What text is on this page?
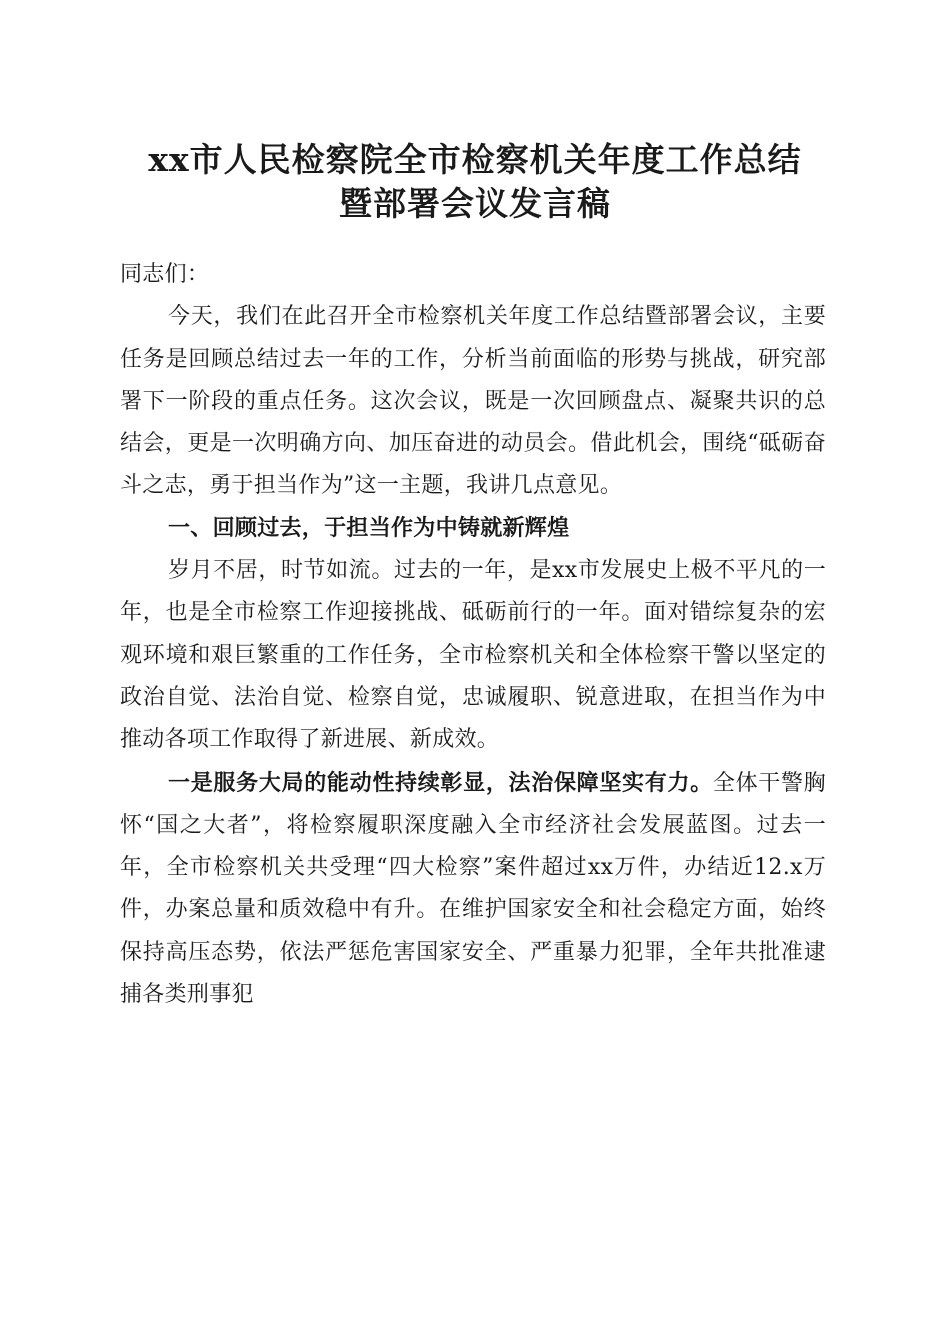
xx市人民检察院全市检察机关年度工作总结
暨部署会议发言稿

同志们：

今天，我们在此召开全市检察机关年度工作总结暨部署会议，主要任务是回顾总结过去一年的工作，分析当前面临的形势与挑战，研究部署下一阶段的重点任务。这次会议，既是一次回顾盘点、凝聚共识的总结会，更是一次明确方向、加压奋进的动员会。借此机会，围绕“砥砺奋斗之志，勇于担当作为”这一主题，我讲几点意见。

一、回顾过去，于担当作为中铸就新辉煌

岁月不居，时节如流。过去的一年，是xx市发展史上极不平凡的一年，也是全市检察工作迎接挑战、砥砺前行的一年。面对错综复杂的宏观环境和艰巨繁重的工作任务，全市检察机关和全体检察干警以坚定的政治自觉、法治自觉、检察自觉，忠诚履职、锐意进取，在担当作为中推动各项工作取得了新进展、新成效。

一是服务大局的能动性持续彰显，法治保障坚实有力。全体干警胸怀“国之大者”，将检察履职深度融入全市经济社会发展蓝图。过去一年，全市检察机关共受理“四大检察”案件超过xx万件，办结近12.x万件，办案总量和质效稳中有升。在维护国家安全和社会稳定方面，始终保持高压态势，依法严惩危害国家安全、严重暴力犯罪，全年共批准逮捕各类刑事犯
